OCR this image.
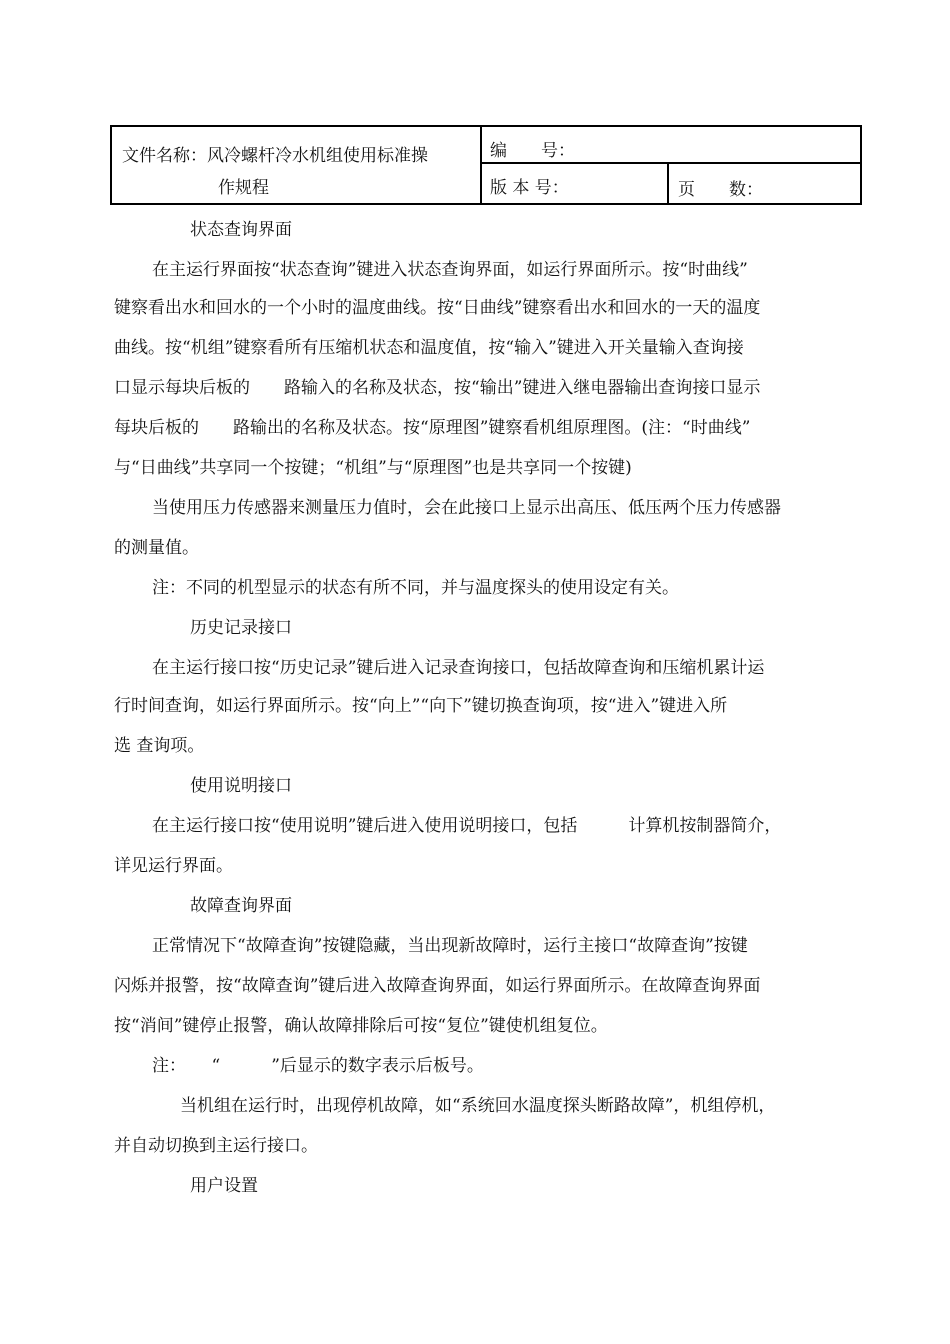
文件名称：风冷螺杆冷水机组使用标准操
作规程
编　　号：
版 本 号：	页　　数：
状态查询界面
在主运行界面按“状态查询”键进入状态查询界面，如运行界面所示。按“时曲线”
键察看出水和回水的一个小时的温度曲线。按“日曲线”键察看出水和回水的一天的温度
曲线。按“机组”键察看所有压缩机状态和温度值，按“输入”键进入开关量输入查询接
口显示每块后板的　　路输入的名称及状态，按“输出”键进入继电器输出查询接口显示
每块后板的　　路输出的名称及状态。按“原理图”键察看机组原理图。(注：“时曲线”
与“日曲线”共享同一个按键；“机组”与“原理图”也是共享同一个按键)
当使用压力传感器来测量压力值时，会在此接口上显示出高压、低压两个压力传感器
的测量值。
注：不同的机型显示的状态有所不同，并与温度探头的使用设定有关。
历史记录接口
在主运行接口按“历史记录”键后进入记录查询接口，包括故障查询和压缩机累计运
行时间查询，如运行界面所示。按“向上”“向下”键切换查询项，按“进入”键进入所
选 查询项。
使用说明接口
在主运行接口按“使用说明”键后进入使用说明接口，包括　　　计算机按制器简介，
详见运行界面。
故障查询界面
正常情况下“故障查询”按键隐藏，当出现新故障时，运行主接口“故障查询”按键
闪烁并报警，按“故障查询”键后进入故障查询界面，如运行界面所示。在故障查询界面
按“消间”键停止报警，确认故障排除后可按“复位”键使机组复位。
注：　　“　　　”后显示的数字表示后板号。
当机组在运行时，出现停机故障，如“系统回水温度探头断路故障”，机组停机，
并自动切换到主运行接口。
用户设置
